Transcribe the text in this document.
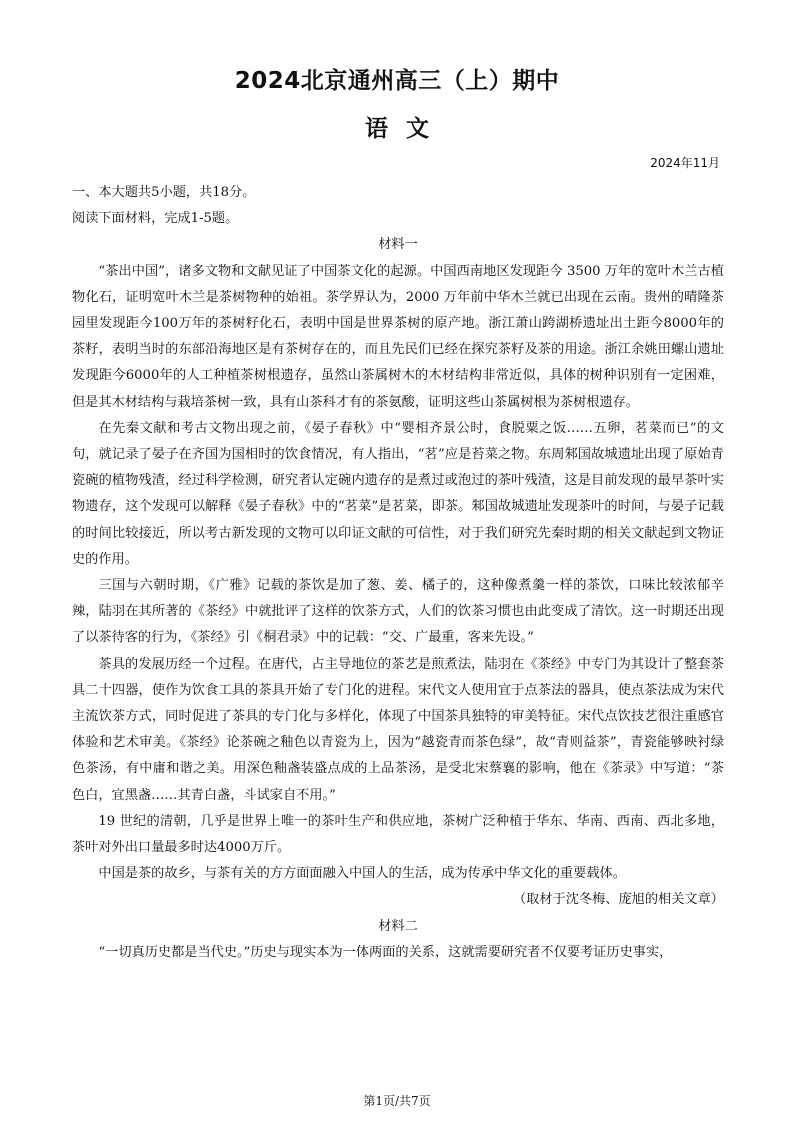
2024北京通州高三（上）期中
语 文
2024年11月

一、本大题共5小题，共18分。

阅读下面材料，完成1-5题。

材料一

“茶出中国”，诸多文物和文献见证了中国茶文化的起源。中国西南地区发现距今 3500 万年的宽叶木兰古植物化石，证明宽叶木兰是茶树物种的始祖。茶学界认为，2000 万年前中华木兰就已出现在云南。贵州的晴隆茶园里发现距今100万年的茶树籽化石，表明中国是世界茶树的原产地。浙江萧山跨湖桥遗址出土距今8000年的茶籽，表明当时的东部沿海地区是有茶树存在的，而且先民们已经在探究茶籽及茶的用途。浙江余姚田螺山遗址发现距今6000年的人工种植茶树根遗存，虽然山茶属树木的木材结构非常近似，具体的树种识别有一定困难，但是其木材结构与栽培茶树一致，具有山茶科才有的茶氨酸，证明这些山茶属树根为茶树根遗存。

在先秦文献和考古文物出现之前，《晏子春秋》中“婴相齐景公时，食脱粟之饭……五卵，茗菜而已”的文句，就记录了晏子在齐国为国相时的饮食情况，有人指出，“茗”应是苔菜之物。东周邾国故城遗址出现了原始青瓷碗的植物残渣，经过科学检测，研究者认定碗内遗存的是煮过或泡过的茶叶残渣，这是目前发现的最早茶叶实物遗存，这个发现可以解释《晏子春秋》中的“茗菜”是茗菜，即茶。邾国故城遗址发现茶叶的时间，与晏子记载的时间比较接近，所以考古新发现的文物可以印证文献的可信性，对于我们研究先秦时期的相关文献起到文物证史的作用。

三国与六朝时期，《广雅》记载的茶饮是加了葱、姜、橘子的，这种像煮羹一样的茶饮，口味比较浓郁辛辣，陆羽在其所著的《茶经》中就批评了这样的饮茶方式，人们的饮茶习惯也由此变成了清饮。这一时期还出现了以茶待客的行为，《茶经》引《桐君录》中的记载：“交、广最重，客来先设。”

茶具的发展历经一个过程。在唐代，占主导地位的茶艺是煎煮法，陆羽在《茶经》中专门为其设计了整套茶具二十四器，使作为饮食工具的茶具开始了专门化的进程。宋代文人使用宜于点茶法的器具，使点茶法成为宋代主流饮茶方式，同时促进了茶具的专门化与多样化，体现了中国茶具独特的审美特征。宋代点饮技艺很注重感官体验和艺术审美。《茶经》论茶碗之釉色以青瓷为上，因为“越瓷青而茶色绿”，故“青则益茶”，青瓷能够映衬绿色茶汤，有中庸和谐之美。用深色釉盏装盛点成的上品茶汤，是受北宋蔡襄的影响，他在《茶录》中写道：“茶色白，宜黑盏……其青白盏，斗试家自不用。”

19 世纪的清朝，几乎是世界上唯一的茶叶生产和供应地，茶树广泛种植于华东、华南、西南、西北多地，茶叶对外出口量最多时达4000万斤。

中国是茶的故乡，与茶有关的方方面面融入中国人的生活，成为传承中华文化的重要载体。

（取材于沈冬梅、庞旭的相关文章）

材料二

“一切真历史都是当代史。”历史与现实本为一体两面的关系，这就需要研究者不仅要考证历史事实，

第1页/共7页
